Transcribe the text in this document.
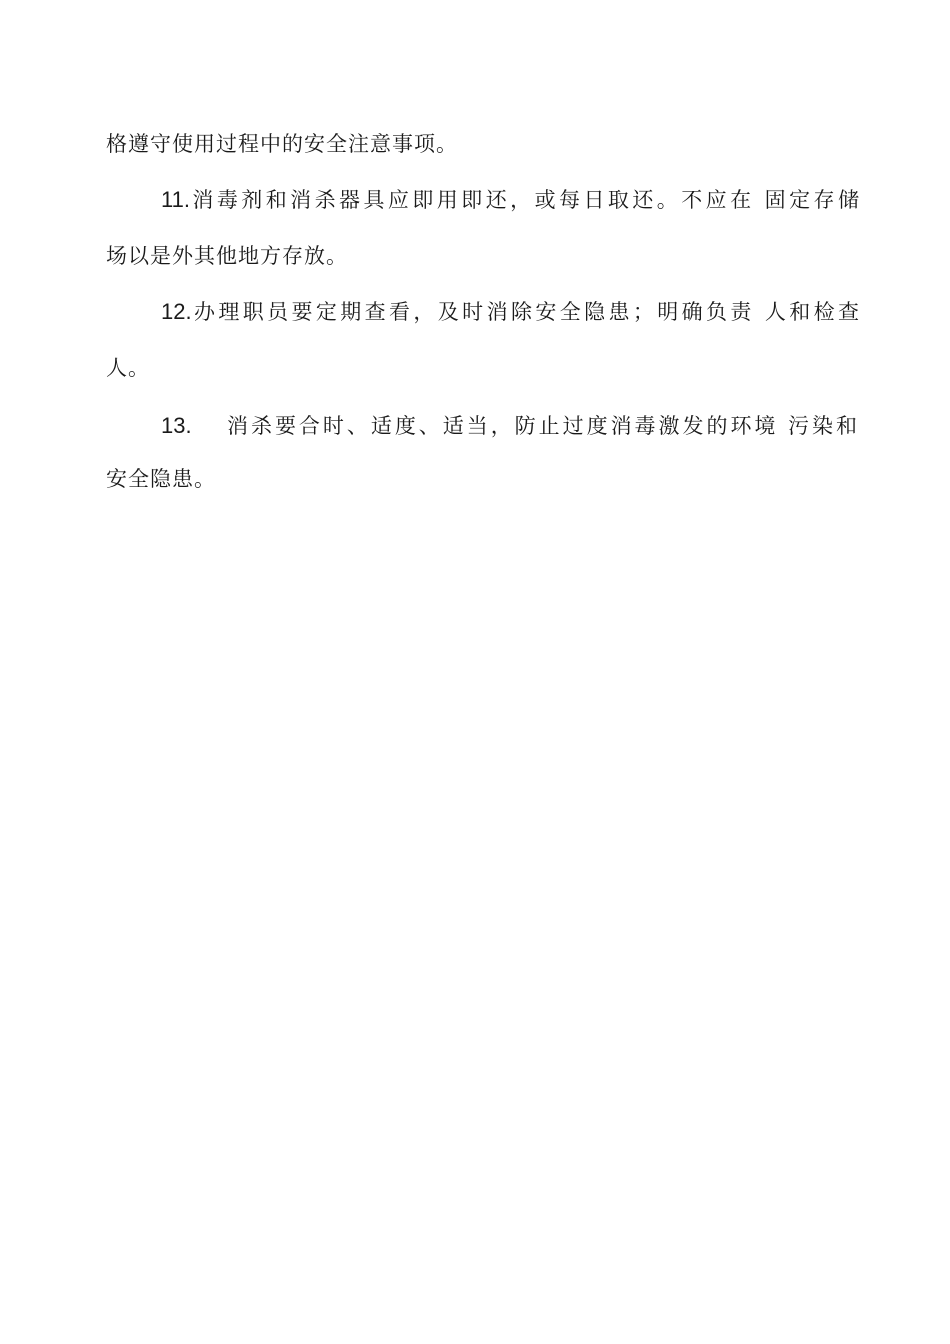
格遵守使用过程中的安全注意事项。
11.消毒剂和消杀器具应即用即还，或每日取还。不应在 固定存储
场以是外其他地方存放。
12.办理职员要定期查看，及时消除安全隐患；明确负责 人和检查
人。
13. 消杀要合时、适度、适当，防止过度消毒激发的环境 污染和
安全隐患。
